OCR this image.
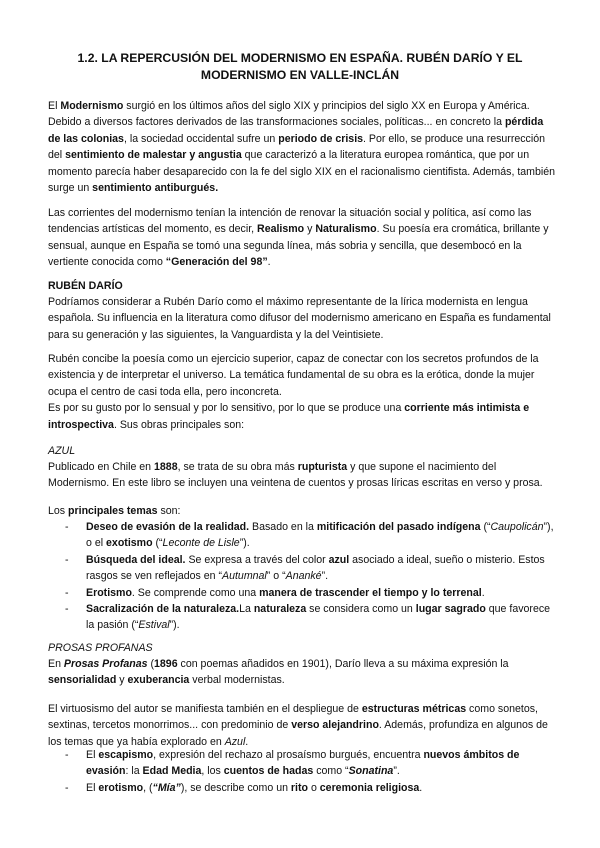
1.2. LA REPERCUSIÓN DEL MODERNISMO EN ESPAÑA. RUBÉN DARÍO Y EL
MODERNISMO EN VALLE-INCLÁN
El Modernismo surgió en los últimos años del siglo XIX y principios del siglo XX en Europa y América. Debido a diversos factores derivados de las transformaciones sociales, políticas... en concreto la pérdida de las colonias, la sociedad occidental sufre un periodo de crisis. Por ello, se produce una resurrección del sentimiento de malestar y angustia que caracterizó a la literatura europea romántica, que por un momento parecía haber desaparecido con la fe del siglo XIX en el racionalismo cientifista. Además, también surge un sentimiento antiburgués.
Las corrientes del modernismo tenían la intención de renovar la situación social y política, así como las tendencias artísticas del momento, es decir, Realismo y Naturalismo. Su poesía era cromática, brillante y sensual, aunque en España se tomó una segunda línea, más sobria y sencilla, que desembocó en la vertiente conocida como “Generación del 98”.
RUBÉN DARÍO
Podríamos considerar a Rubén Darío como el máximo representante de la lírica modernista en lengua española. Su influencia en la literatura como difusor del modernismo americano en España es fundamental para su generación y las siguientes, la Vanguardista y la del Veintisiete.
Rubén concibe la poesía como un ejercicio superior, capaz de conectar con los secretos profundos de la existencia y de interpretar el universo. La temática fundamental de su obra es la erótica, donde la mujer ocupa el centro de casi toda ella, pero inconcreta.
Es por su gusto por lo sensual y por lo sensitivo, por lo que se produce una corriente más intimista e introspectiva. Sus obras principales son:
AZUL
Publicado en Chile en 1888, se trata de su obra más rupturista y que supone el nacimiento del Modernismo. En este libro se incluyen una veintena de cuentos y prosas líricas escritas en verso y prosa.
Los principales temas son:
- Deseo de evasión de la realidad. Basado en la mitificación del pasado indígena (“Caupolicán”), o el exotismo (“Leconte de Lisle”).
- Búsqueda del ideal. Se expresa a través del color azul asociado a ideal, sueño o misterio. Estos rasgos se ven reflejados en “Autumnal” o “Ananké”.
- Erotismo. Se comprende como una manera de trascender el tiempo y lo terrenal.
- Sacralización de la naturaleza.La naturaleza se considera como un lugar sagrado que favorece la pasión (“Estival”).
PROSAS PROFANAS
En Prosas Profanas (1896 con poemas añadidos en 1901), Darío lleva a su máxima expresión la sensorialidad y exuberancia verbal modernistas.
El virtuosismo del autor se manifiesta también en el despliegue de estructuras métricas como sonetos, sextinas, tercetos monorrimos... con predominio de verso alejandrino. Además, profundiza en algunos de los temas que ya había explorado en Azul.
- El escapismo, expresión del rechazo al prosaísmo burgués, encuentra nuevos ámbitos de evasión: la Edad Media, los cuentos de hadas como “Sonatina”.
- El erotismo, (“Mía”), se describe como un rito o ceremonia religiosa.
